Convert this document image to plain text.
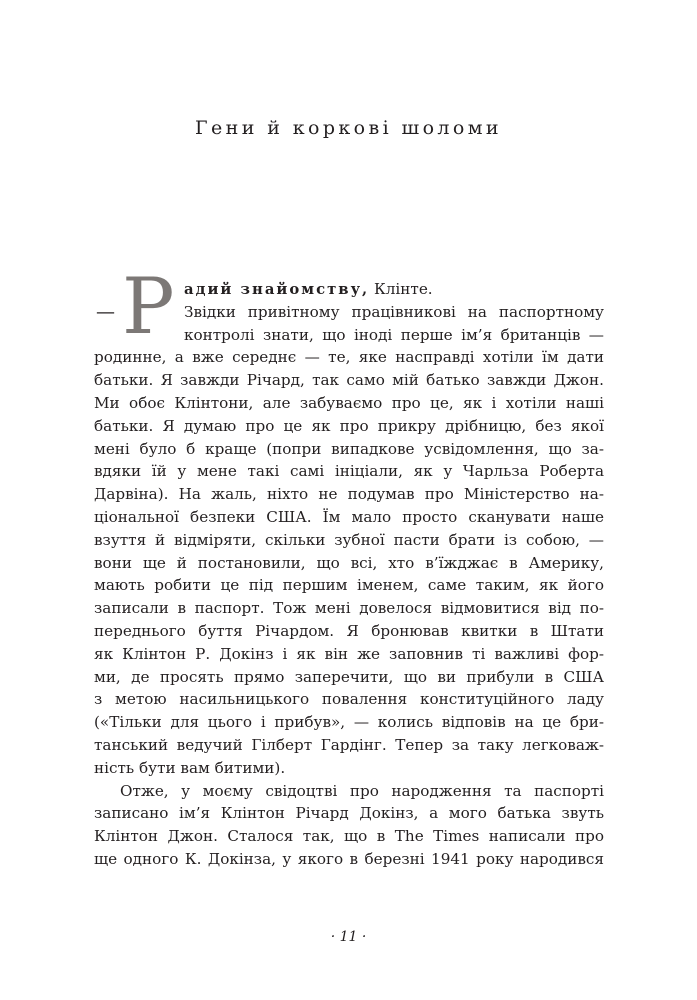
Гени й коркові шоломи
— Р адий знайомству, Клінте.
Звідки привітному працівникові на паспортному
контролі знати, що іноді перше ім’я британців —
родинне, а вже середнє — те, яке насправді хотіли їм дати
батьки. Я завжди Річард, так само мій батько завжди Джон.
Ми обоє Клінтони, але забуваємо про це, як і хотіли наші
батьки. Я думаю про це як про прикру дрібницю, без якої
мені було б краще (попри випадкове усвідомлення, що за-
вдяки їй у мене такі самі ініціали, як у Чарльза Роберта
Дарвіна). На жаль, ніхто не подумав про Міністерство на-
ціональної безпеки США. Їм мало просто сканувати наше
взуття й відміряти, скільки зубної пасти брати із собою, —
вони ще й постановили, що всі, хто в’їжджає в Америку,
мають робити це під першим іменем, саме таким, як його
записали в паспорт. Тож мені довелося відмовитися від по-
переднього буття Річардом. Я бронював квитки в Штати
як Клінтон Р. Докінз і як він же заповнив ті важливі фор-
ми, де просять прямо заперечити, що ви прибули в США
з метою насильницького повалення конституційного ладу
(«Тільки для цього і прибув», — колись відповів на це бри-
танський ведучий Гілберт Гардінг. Тепер за таку легковаж-
ність бути вам битими).
Отже, у моєму свідоцтві про народження та паспорті
записано ім’я Клінтон Річард Докінз, а мого батька звуть
Клінтон Джон. Сталося так, що в The Times написали про
ще одного К. Докінза, у якого в березні 1941 року народився
· 11 ·
